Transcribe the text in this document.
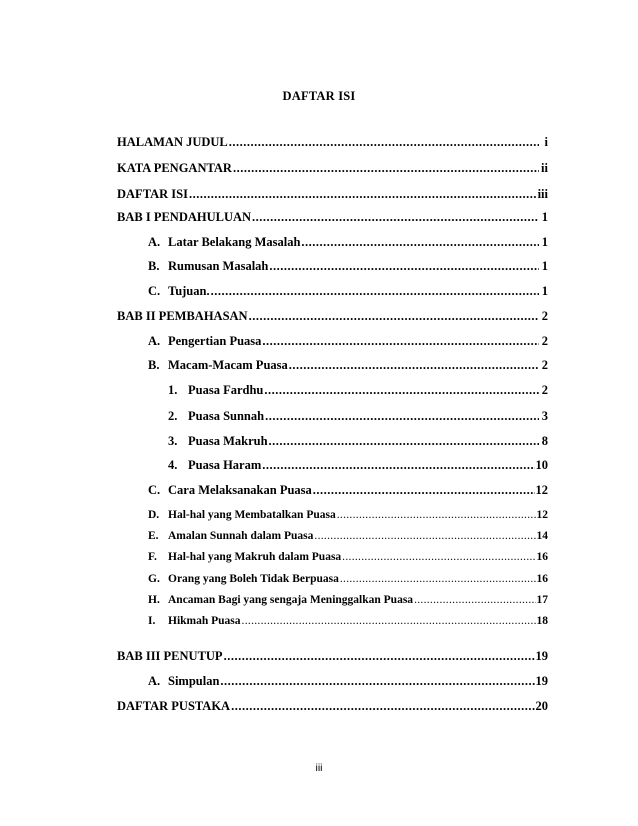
DAFTAR ISI
HALAMAN JUDUL .....	i
KATA PENGANTAR .....	ii
DAFTAR ISI .....	iii
BAB I PENDAHULUAN .....	1
A. Latar Belakang Masalah .....	1
B. Rumusan Masalah .....	1
C. Tujuan. .....	1
BAB II PEMBAHASAN .....	2
A. Pengertian Puasa .....	2
B. Macam-Macam Puasa .....	2
1. Puasa Fardhu .....	2
2. Puasa Sunnah .....	3
3. Puasa Makruh .....	8
4. Puasa Haram .....	10
C. Cara Melaksanakan Puasa .....	12
D. Hal-hal yang Membatalkan Puasa .....	12
E. Amalan Sunnah dalam Puasa .....	14
F. Hal-hal yang Makruh dalam Puasa .....	16
G. Orang yang Boleh Tidak Berpuasa .....	16
H. Ancaman Bagi yang sengaja Meninggalkan Puasa .....	17
I.	Hikmah Puasa .....	18
BAB III PENUTUP .....	19
A. Simpulan .....	19
DAFTAR PUSTAKA .....	20
iii
